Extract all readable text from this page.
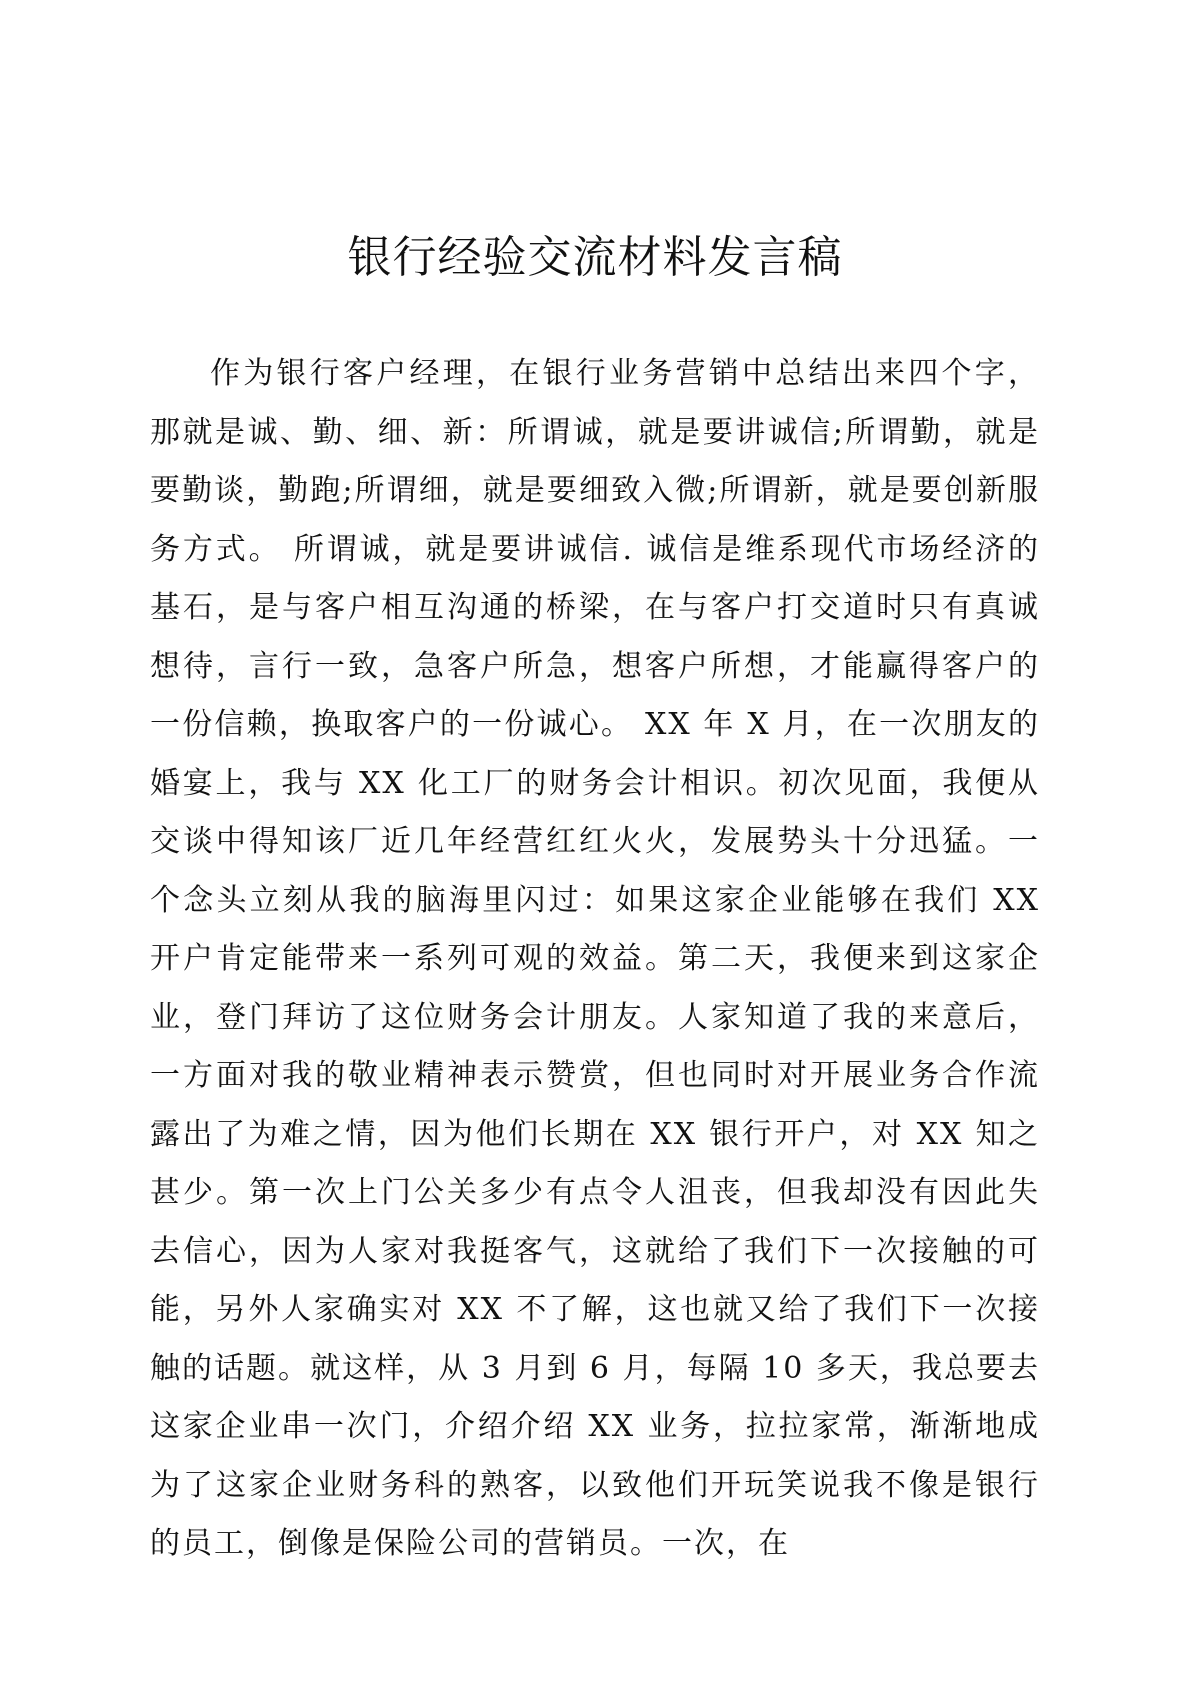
银行经验交流材料发言稿

作为银行客户经理，在银行业务营销中总结出来四个字，那就是诚、勤、细、新：所谓诚，就是要讲诚信;所谓勤，就是要勤谈，勤跑;所谓细，就是要细致入微;所谓新，就是要创新服务方式。 所谓诚，就是要讲诚信. 诚信是维系现代市场经济的基石，是与客户相互沟通的桥梁，在与客户打交道时只有真诚想待，言行一致，急客户所急，想客户所想，才能赢得客户的一份信赖，换取客户的一份诚心。 XX 年 X 月，在一次朋友的婚宴上，我与 XX 化工厂的财务会计相识。初次见面，我便从交谈中得知该厂近几年经营红红火火，发展势头十分迅猛。一个念头立刻从我的脑海里闪过：如果这家企业能够在我们 XX 开户肯定能带来一系列可观的效益。第二天，我便来到这家企业，登门拜访了这位财务会计朋友。人家知道了我的来意后，一方面对我的敬业精神表示赞赏，但也同时对开展业务合作流露出了为难之情，因为他们长期在 XX 银行开户，对 XX 知之甚少。第一次上门公关多少有点令人沮丧，但我却没有因此失去信心，因为人家对我挺客气，这就给了我们下一次接触的可能，另外人家确实对 XX 不了解，这也就又给了我们下一次接触的话题。就这样，从 3 月到 6 月，每隔 10 多天，我总要去这家企业串一次门，介绍介绍 XX 业务，拉拉家常，渐渐地成为了这家企业财务科的熟客，以致他们开玩笑说我不像是银行的员工，倒像是保险公司的营销员。一次，在
